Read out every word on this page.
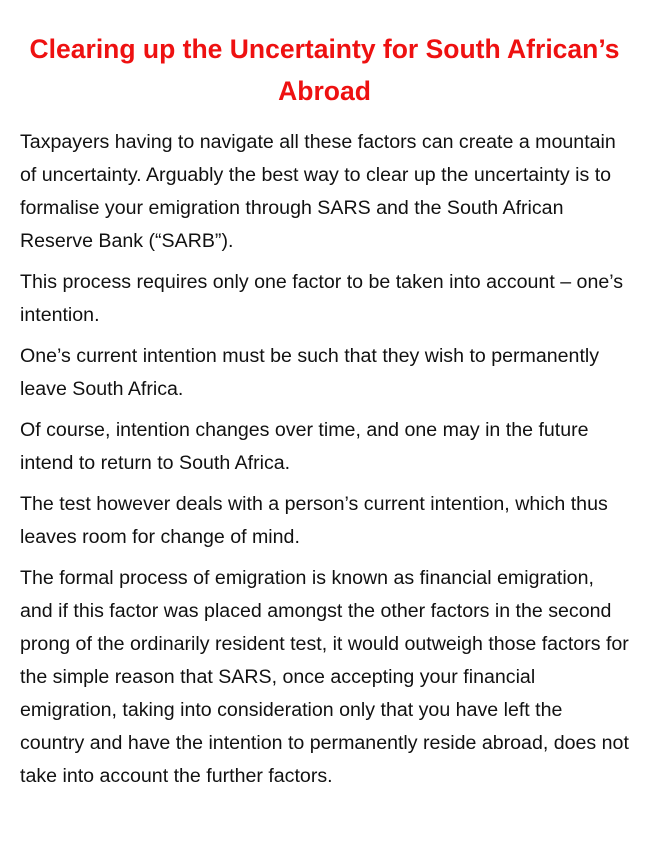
Clearing up the Uncertainty for South African’s Abroad

Taxpayers having to navigate all these factors can create a mountain of uncertainty. Arguably the best way to clear up the uncertainty is to formalise your emigration through SARS and the South African Reserve Bank (“SARB”).

This process requires only one factor to be taken into account – one’s intention.

One’s current intention must be such that they wish to permanently leave South Africa.

Of course, intention changes over time, and one may in the future intend to return to South Africa.

The test however deals with a person’s current intention, which thus leaves room for change of mind.

The formal process of emigration is known as financial emigration, and if this factor was placed amongst the other factors in the second prong of the ordinarily resident test, it would outweigh those factors for the simple reason that SARS, once accepting your financial emigration, taking into consideration only that you have left the country and have the intention to permanently reside abroad, does not take into account the further factors.
